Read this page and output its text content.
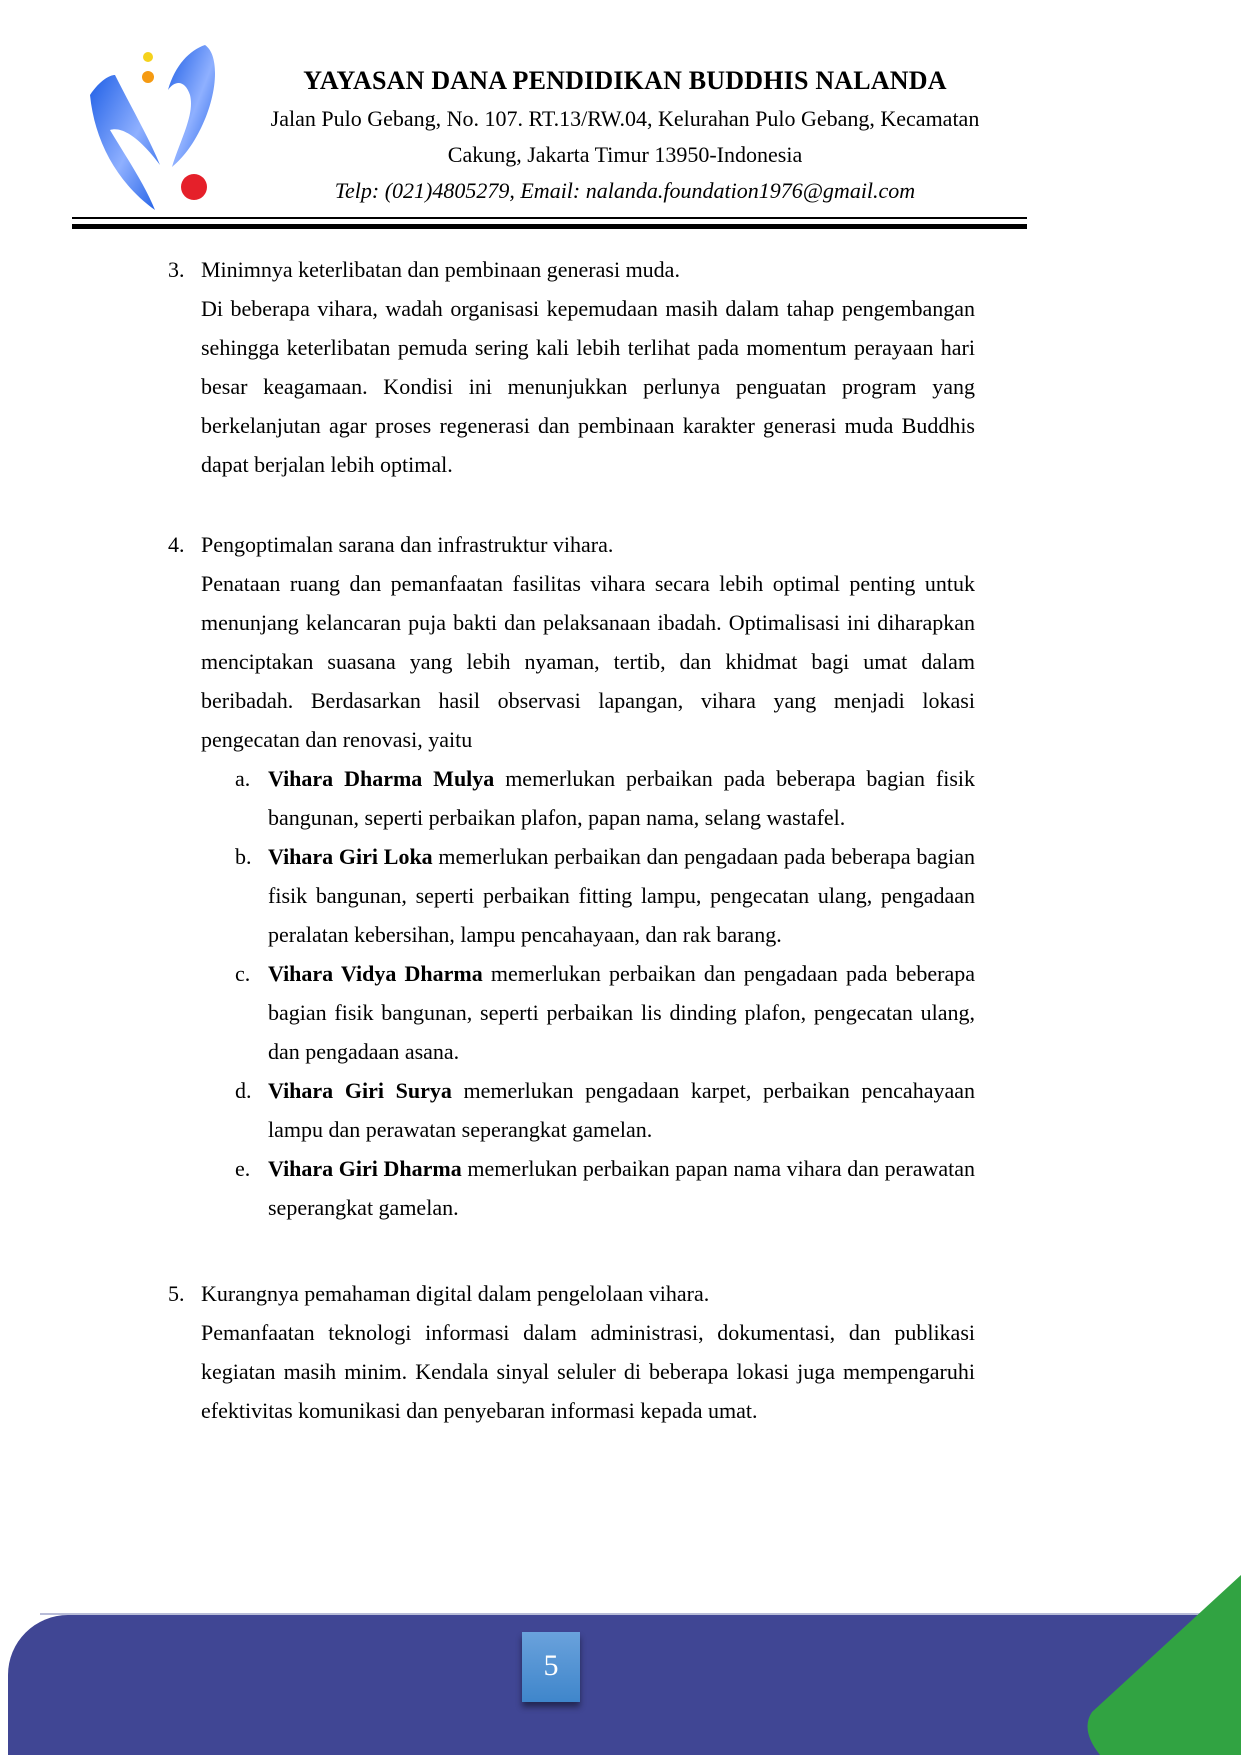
YAYASAN DANA PENDIDIKAN BUDDHIS NALANDA
Jalan Pulo Gebang, No. 107. RT.13/RW.04, Kelurahan Pulo Gebang, Kecamatan
Cakung, Jakarta Timur 13950-Indonesia
Telp: (021)4805279, Email: nalanda.foundation1976@gmail.com
3. Minimnya keterlibatan dan pembinaan generasi muda.
Di beberapa vihara, wadah organisasi kepemudaan masih dalam tahap pengembangan
sehingga keterlibatan pemuda sering kali lebih terlihat pada momentum perayaan hari
besar keagamaan. Kondisi ini menunjukkan perlunya penguatan program yang
berkelanjutan agar proses regenerasi dan pembinaan karakter generasi muda Buddhis
dapat berjalan lebih optimal.
4. Pengoptimalan sarana dan infrastruktur vihara.
Penataan ruang dan pemanfaatan fasilitas vihara secara lebih optimal penting untuk
menunjang kelancaran puja bakti dan pelaksanaan ibadah. Optimalisasi ini diharapkan
menciptakan suasana yang lebih nyaman, tertib, dan khidmat bagi umat dalam
beribadah. Berdasarkan hasil observasi lapangan, vihara yang menjadi lokasi
pengecatan dan renovasi, yaitu
a. Vihara Dharma Mulya memerlukan perbaikan pada beberapa bagian fisik
bangunan, seperti perbaikan plafon, papan nama, selang wastafel.
b. Vihara Giri Loka memerlukan perbaikan dan pengadaan pada beberapa bagian
fisik bangunan, seperti perbaikan fitting lampu, pengecatan ulang, pengadaan
peralatan kebersihan, lampu pencahayaan, dan rak barang.
c. Vihara Vidya Dharma memerlukan perbaikan dan pengadaan pada beberapa
bagian fisik bangunan, seperti perbaikan lis dinding plafon, pengecatan ulang,
dan pengadaan asana.
d. Vihara Giri Surya memerlukan pengadaan karpet, perbaikan pencahayaan
lampu dan perawatan seperangkat gamelan.
e. Vihara Giri Dharma memerlukan perbaikan papan nama vihara dan perawatan
seperangkat gamelan.
5. Kurangnya pemahaman digital dalam pengelolaan vihara.
Pemanfaatan teknologi informasi dalam administrasi, dokumentasi, dan publikasi
kegiatan masih minim. Kendala sinyal seluler di beberapa lokasi juga mempengaruhi
efektivitas komunikasi dan penyebaran informasi kepada umat.
5
